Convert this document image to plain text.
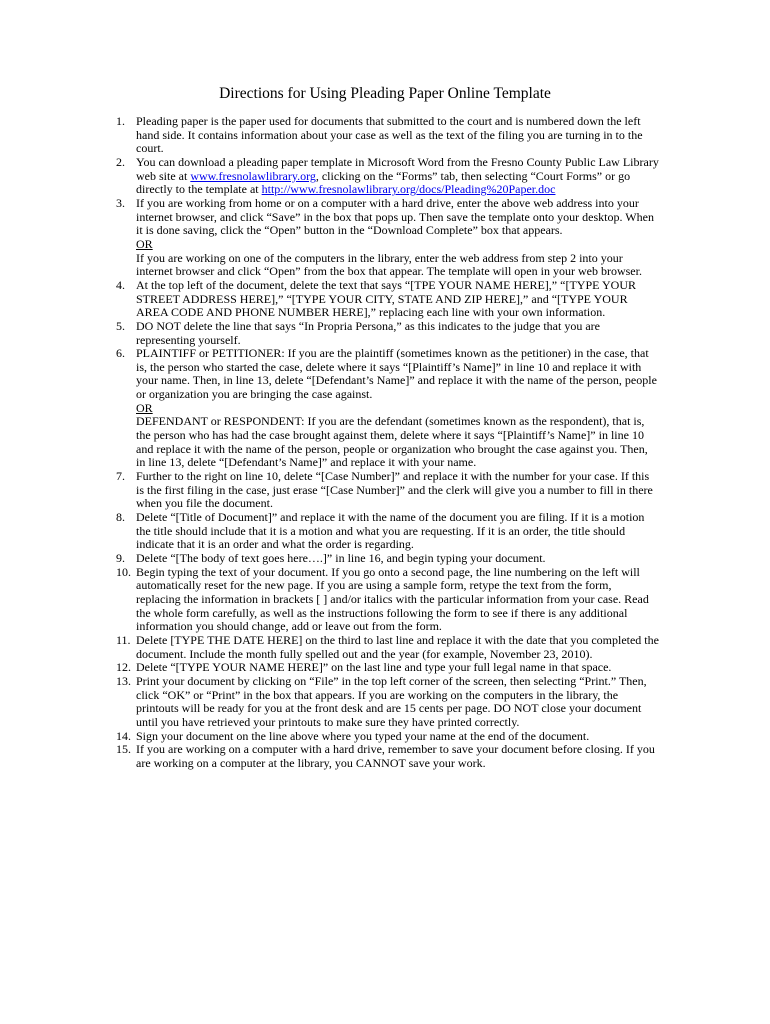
Directions for Using Pleading Paper Online Template
1. Pleading paper is the paper used for documents that submitted to the court and is numbered down the left hand side. It contains information about your case as well as the text of the filing you are turning in to the court.

2. You can download a pleading paper template in Microsoft Word from the Fresno County Public Law Library web site at www.fresnolawlibrary.org, clicking on the “Forms” tab, then selecting “Court Forms” or go directly to the template at http://www.fresnolawlibrary.org/docs/Pleading%20Paper.doc

3. If you are working from home or on a computer with a hard drive, enter the above web address into your internet browser, and click “Save” in the box that pops up. Then save the template onto your desktop. When it is done saving, click the “Open” button in the “Download Complete” box that appears.

OR

If you are working on one of the computers in the library, enter the web address from step 2 into your internet browser and click “Open” from the box that appear. The template will open in your web browser.

4. At the top left of the document, delete the text that says “[TPE YOUR NAME HERE],” “[TYPE YOUR STREET ADDRESS HERE],” “[TYPE YOUR CITY, STATE AND ZIP HERE],” and “[TYPE YOUR AREA CODE AND PHONE NUMBER HERE],” replacing each line with your own information.

5. DO NOT delete the line that says “In Propria Persona,” as this indicates to the judge that you are representing yourself.

6. PLAINTIFF or PETITIONER: If you are the plaintiff (sometimes known as the petitioner) in the case, that is, the person who started the case, delete where it says “[Plaintiff’s Name]” in line 10 and replace it with your name. Then, in line 13, delete “[Defendant’s Name]” and replace it with the name of the person, people or organization you are bringing the case against.

OR

DEFENDANT or RESPONDENT: If you are the defendant (sometimes known as the respondent), that is, the person who has had the case brought against them, delete where it says “[Plaintiff’s Name]” in line 10 and replace it with the name of the person, people or organization who brought the case against you. Then, in line 13, delete “[Defendant’s Name]” and replace it with your name.

7. Further to the right on line 10, delete “[Case Number]” and replace it with the number for your case. If this is the first filing in the case, just erase “[Case Number]” and the clerk will give you a number to fill in there when you file the document.

8. Delete “[Title of Document]” and replace it with the name of the document you are filing. If it is a motion the title should include that it is a motion and what you are requesting. If it is an order, the title should indicate that it is an order and what the order is regarding.

9. Delete “[The body of text goes here….]” in line 16, and begin typing your document.

10. Begin typing the text of your document. If you go onto a second page, the line numbering on the left will automatically reset for the new page. If you are using a sample form, retype the text from the form, replacing the information in brackets [ ] and/or italics with the particular information from your case. Read the whole form carefully, as well as the instructions following the form to see if there is any additional information you should change, add or leave out from the form.

11. Delete [TYPE THE DATE HERE] on the third to last line and replace it with the date that you completed the document. Include the month fully spelled out and the year (for example, November 23, 2010).

12. Delete “[TYPE YOUR NAME HERE]” on the last line and type your full legal name in that space.

13. Print your document by clicking on “File” in the top left corner of the screen, then selecting “Print.” Then, click “OK” or “Print” in the box that appears. If you are working on the computers in the library, the printouts will be ready for you at the front desk and are 15 cents per page. DO NOT close your document until you have retrieved your printouts to make sure they have printed correctly.

14. Sign your document on the line above where you typed your name at the end of the document.

15. If you are working on a computer with a hard drive, remember to save your document before closing. If you are working on a computer at the library, you CANNOT save your work.
